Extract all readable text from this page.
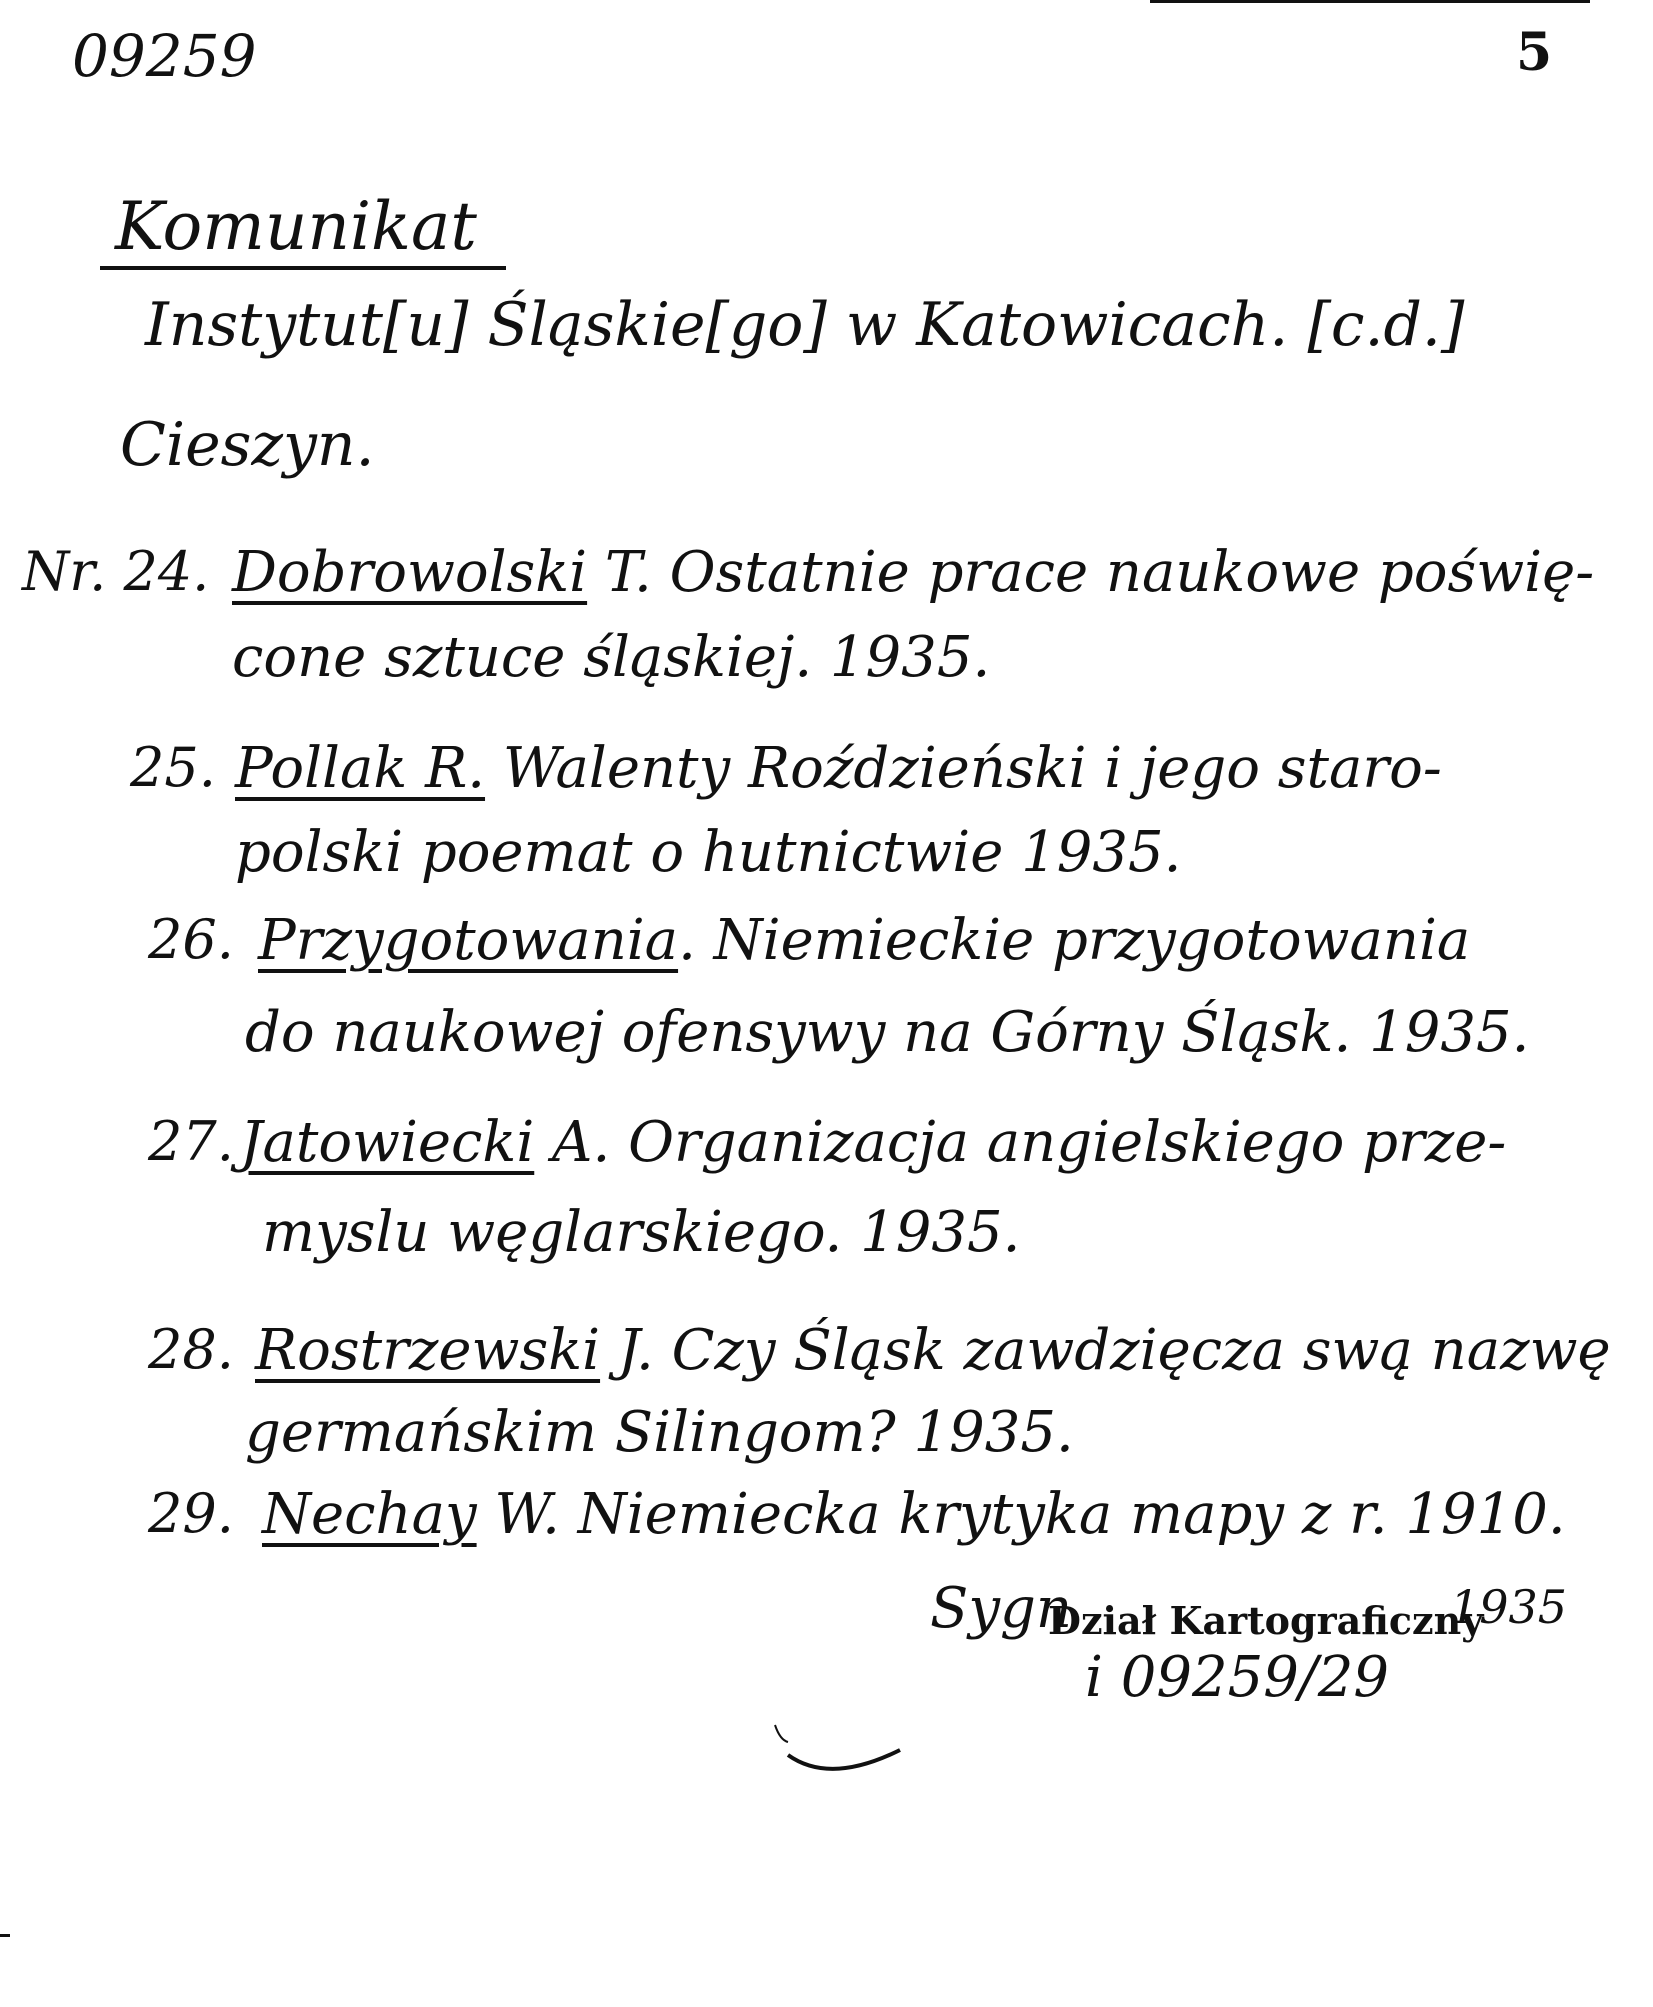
09259	5
Komunikat
Instytut[u] Śląskie[go] w Katowicach. [c.d.]
Cieszyn.
Nr. 24. Dobrowolski T. Ostatnie prace naukowe poświę-
cone sztuce śląskiej. 1935.
25. Pollak R. Walenty Roździeński i jego staro-
polski poemat o hutnictwie 1935.
26. Przygotowania. Niemieckie przygotowania
do naukowej ofensywy na Górny Śląsk. 1935.
27. Jatowiecki A. Organizacja angielskiego prze-
myslu węglarskiego. 1935.
28. Rostrzewski J. Czy Śląsk zawdzięcza swą nazwę
germańskim Silingom? 1935.
29. Nechay W. Niemiecka krytyka mapy z r. 1910.
Sygn
Dział Kartograficzny
1935
i 09259/29
